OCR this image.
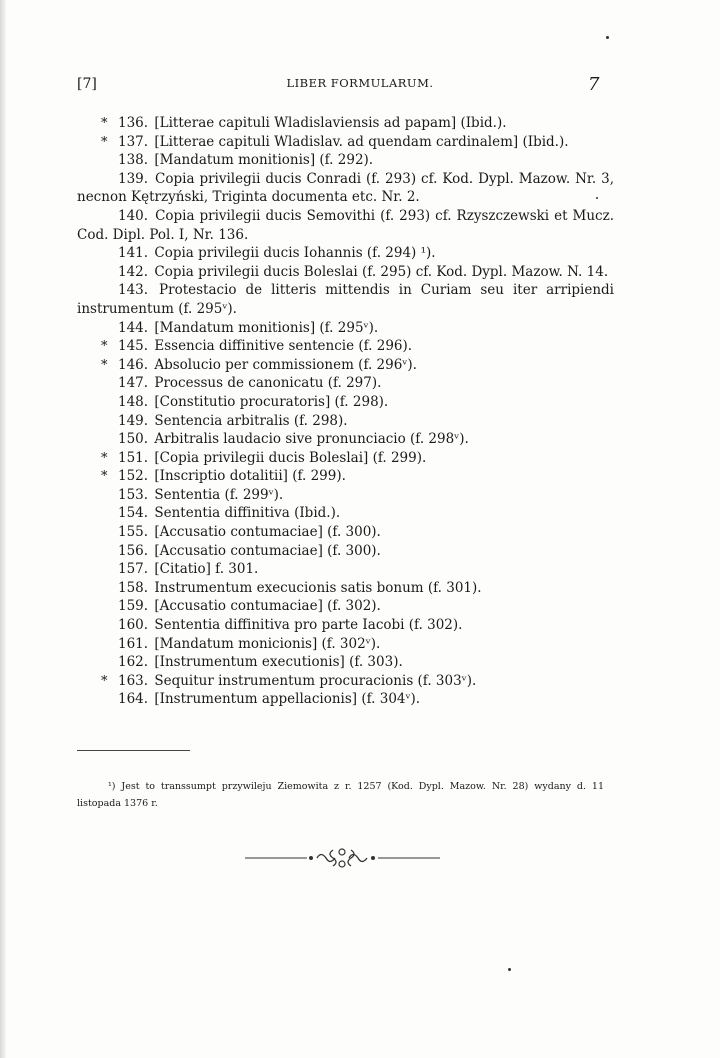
[7]	LIBER FORMULARUM.	7

* 136. [Litterae capituli Wladislaviensis ad papam] (Ibid.).

* 137. [Litterae capituli Wladislav. ad quendam cardinalem] (Ibid.).

138. [Mandatum monitionis] (f. 292).

139. Copia privilegii ducis Conradi (f. 293) cf. Kod. Dypl. Mazow. Nr. 3, necnon Kętrzyński, Triginta documenta etc. Nr. 2.

140. Copia privilegii ducis Semovithi (f. 293) cf. Rzyszczewski et Mucz. Cod. Dipl. Pol. I, Nr. 136.

141. Copia privilegii ducis Iohannis (f. 294) ¹).

142. Copia privilegii ducis Boleslai (f. 295) cf. Kod. Dypl. Mazow. N. 14.

143. Protestacio de litteris mittendis in Curiam seu iter arripiendi instrumentum (f. 295ᵛ).

144. [Mandatum monitionis] (f. 295ᵛ).

* 145. Essencia diffinitive sentencie (f. 296).

* 146. Absolucio per commissionem (f. 296ᵛ).

147. Processus de canonicatu (f. 297).

148. [Constitutio procuratoris] (f. 298).

149. Sentencia arbitralis (f. 298).

150. Arbitralis laudacio sive pronunciacio (f. 298ᵛ).

* 151. [Copia privilegii ducis Boleslai] (f. 299).

* 152. [Inscriptio dotalitii] (f. 299).

153. Sententia (f. 299ᵛ).

154. Sententia diffinitiva (Ibid.).

155. [Accusatio contumaciae] (f. 300).

156. [Accusatio contumaciae] (f. 300).

157. [Citatio] f. 301.

158. Instrumentum execucionis satis bonum (f. 301).

159. [Accusatio contumaciae] (f. 302).

160. Sententia diffinitiva pro parte Iacobi (f. 302).

161. [Mandatum monicionis] (f. 302ᵛ).

162. [Instrumentum executionis] (f. 303).

* 163. Sequitur instrumentum procuracionis (f. 303ᵛ).

164. [Instrumentum appellacionis] (f. 304ᵛ).

¹) Jest to transsumpt przywileju Ziemowita z r. 1257 (Kod. Dypl. Mazow. Nr. 28) wydany d. 11 listopada 1376 r.
